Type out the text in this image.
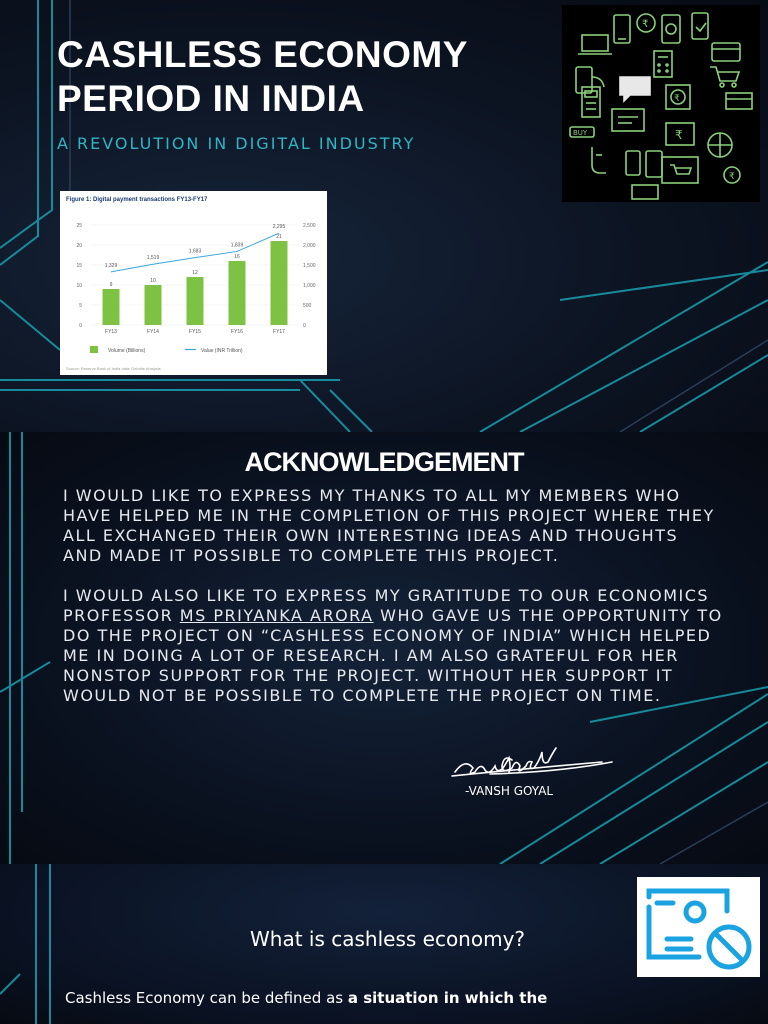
CASHLESS ECONOMY
PERIOD IN INDIA

A REVOLUTION IN DIGITAL INDUSTRY

Figure 1: Digital payment transactions FY13-FY17
0
5
10
15
20
25
0
500
1,000
1,500
2,000
2,500
9
10
12
16
21
1,329
1,519
1,683
1,839
2,295
FY13	FY14	FY15	FY16	FY17
Volume (Billions)	Value (INR Trillion)
Source: Reserve Bank of India data; Deloitte Analysis
₹
₹
BUY	₹
₹
ACKNOWLEDGEMENT

I WOULD LIKE TO EXPRESS MY THANKS TO ALL MY MEMBERS WHO HAVE HELPED ME IN THE COMPLETION OF THIS PROJECT WHERE THEY ALL EXCHANGED THEIR OWN INTERESTING IDEAS AND THOUGHTS AND MADE IT POSSIBLE TO COMPLETE THIS PROJECT.

I WOULD ALSO LIKE TO EXPRESS MY GRATITUDE TO OUR ECONOMICS PROFESSOR MS PRIYANKA ARORA WHO GAVE US THE OPPORTUNITY TO DO THE PROJECT ON “CASHLESS ECONOMY OF INDIA” WHICH HELPED ME IN DOING A LOT OF RESEARCH. I AM ALSO GRATEFUL FOR HER NONSTOP SUPPORT FOR THE PROJECT. WITHOUT HER SUPPORT IT WOULD NOT BE POSSIBLE TO COMPLETE THE PROJECT ON TIME.

-VANSH GOYAL
What is cashless economy?

Cashless Economy can be defined as a situation in which the
